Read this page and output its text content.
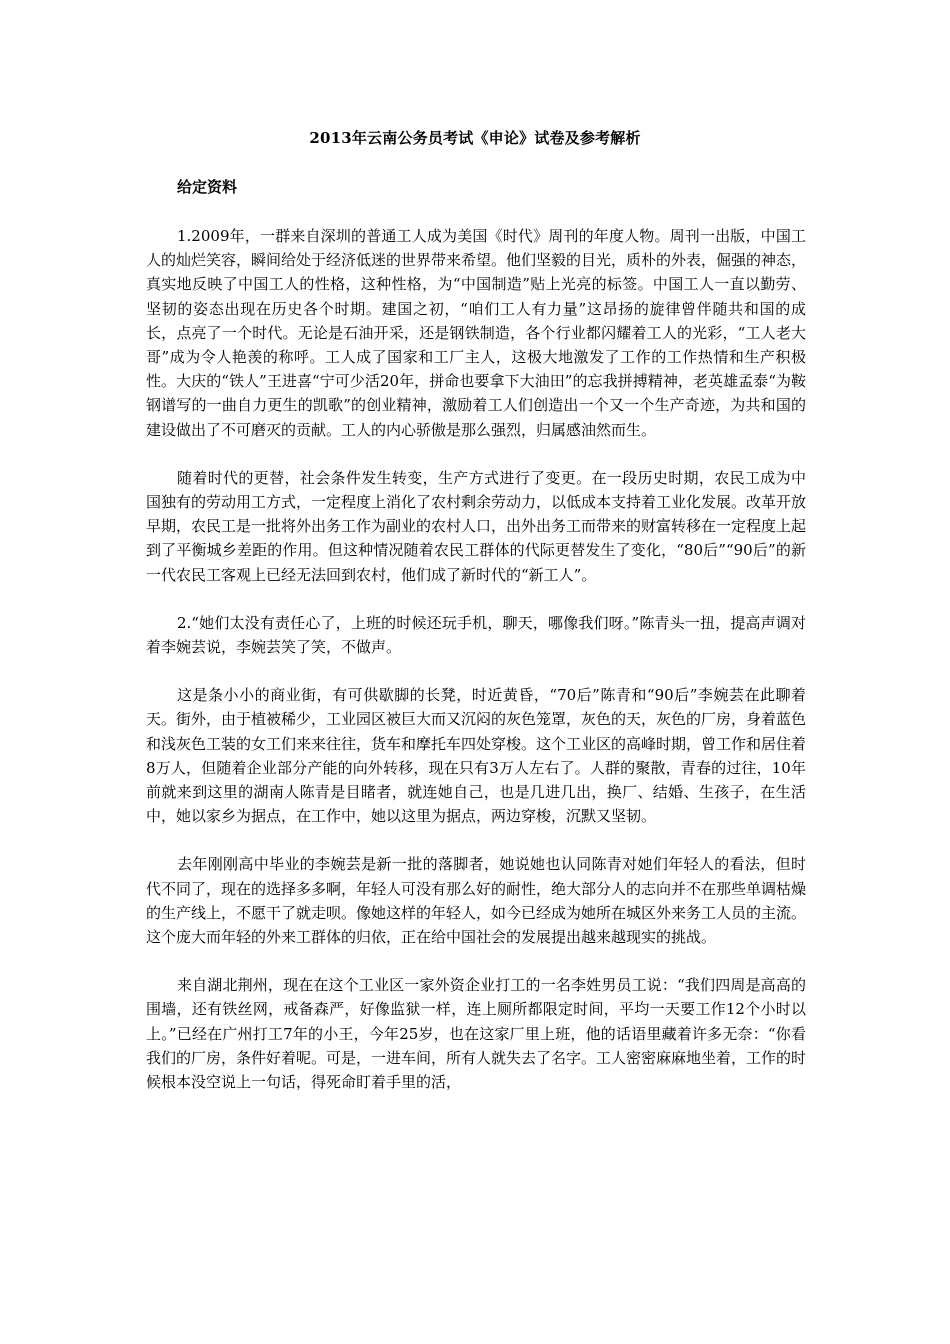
2013年云南公务员考试《申论》试卷及参考解析
给定资料

1.2009年，一群来自深圳的普通工人成为美国《时代》周刊的年度人物。周刊一出版，中国工人的灿烂笑容，瞬间给处于经济低迷的世界带来希望。他们坚毅的目光，质朴的外表，倔强的神态，真实地反映了中国工人的性格，这种性格，为“中国制造”贴上光亮的标签。中国工人一直以勤劳、坚韧的姿态出现在历史各个时期。建国之初，“咱们工人有力量”这昂扬的旋律曾伴随共和国的成长，点亮了一个时代。无论是石油开采，还是钢铁制造，各个行业都闪耀着工人的光彩，“工人老大哥”成为令人艳羡的称呼。工人成了国家和工厂主人，这极大地激发了工作的工作热情和生产积极性。大庆的“铁人”王进喜“宁可少活20年，拼命也要拿下大油田”的忘我拼搏精神，老英雄孟泰“为鞍钢谱写的一曲自力更生的凯歌”的创业精神，激励着工人们创造出一个又一个生产奇迹，为共和国的建设做出了不可磨灭的贡献。工人的内心骄傲是那么强烈，归属感油然而生。

随着时代的更替，社会条件发生转变，生产方式进行了变更。在一段历史时期，农民工成为中国独有的劳动用工方式，一定程度上消化了农村剩余劳动力，以低成本支持着工业化发展。改革开放早期，农民工是一批将外出务工作为副业的农村人口，出外出务工而带来的财富转移在一定程度上起到了平衡城乡差距的作用。但这种情况随着农民工群体的代际更替发生了变化，“80后”“90后”的新一代农民工客观上已经无法回到农村，他们成了新时代的“新工人”。

2.“她们太没有责任心了，上班的时候还玩手机，聊天，哪像我们呀。”陈青头一扭，提高声调对着李婉芸说，李婉芸笑了笑，不做声。

这是条小小的商业街，有可供歇脚的长凳，时近黄昏，“70后”陈青和“90后”李婉芸在此聊着天。街外，由于植被稀少，工业园区被巨大而又沉闷的灰色笼罩，灰色的天，灰色的厂房，身着蓝色和浅灰色工装的女工们来来往往，货车和摩托车四处穿梭。这个工业区的高峰时期，曾工作和居住着8万人，但随着企业部分产能的向外转移，现在只有3万人左右了。人群的聚散，青春的过往，10年前就来到这里的湖南人陈青是目睹者，就连她自己，也是几进几出，换厂、结婚、生孩子，在生活中，她以家乡为据点，在工作中，她以这里为据点，两边穿梭，沉默又坚韧。

去年刚刚高中毕业的李婉芸是新一批的落脚者，她说她也认同陈青对她们年轻人的看法，但时代不同了，现在的选择多多啊，年轻人可没有那么好的耐性，绝大部分人的志向并不在那些单调枯燥的生产线上，不愿干了就走呗。像她这样的年轻人，如今已经成为她所在城区外来务工人员的主流。这个庞大而年轻的外来工群体的归依，正在给中国社会的发展提出越来越现实的挑战。

来自湖北荆州，现在在这个工业区一家外资企业打工的一名李姓男员工说：“我们四周是高高的围墙，还有铁丝网，戒备森严，好像监狱一样，连上厕所都限定时间，平均一天要工作12个小时以上。”已经在广州打工7年的小王，今年25岁，也在这家厂里上班，他的话语里藏着许多无奈：“你看我们的厂房，条件好着呢。可是，一进车间，所有人就失去了名字。工人密密麻麻地坐着，工作的时候根本没空说上一句话，得死命盯着手里的活，
